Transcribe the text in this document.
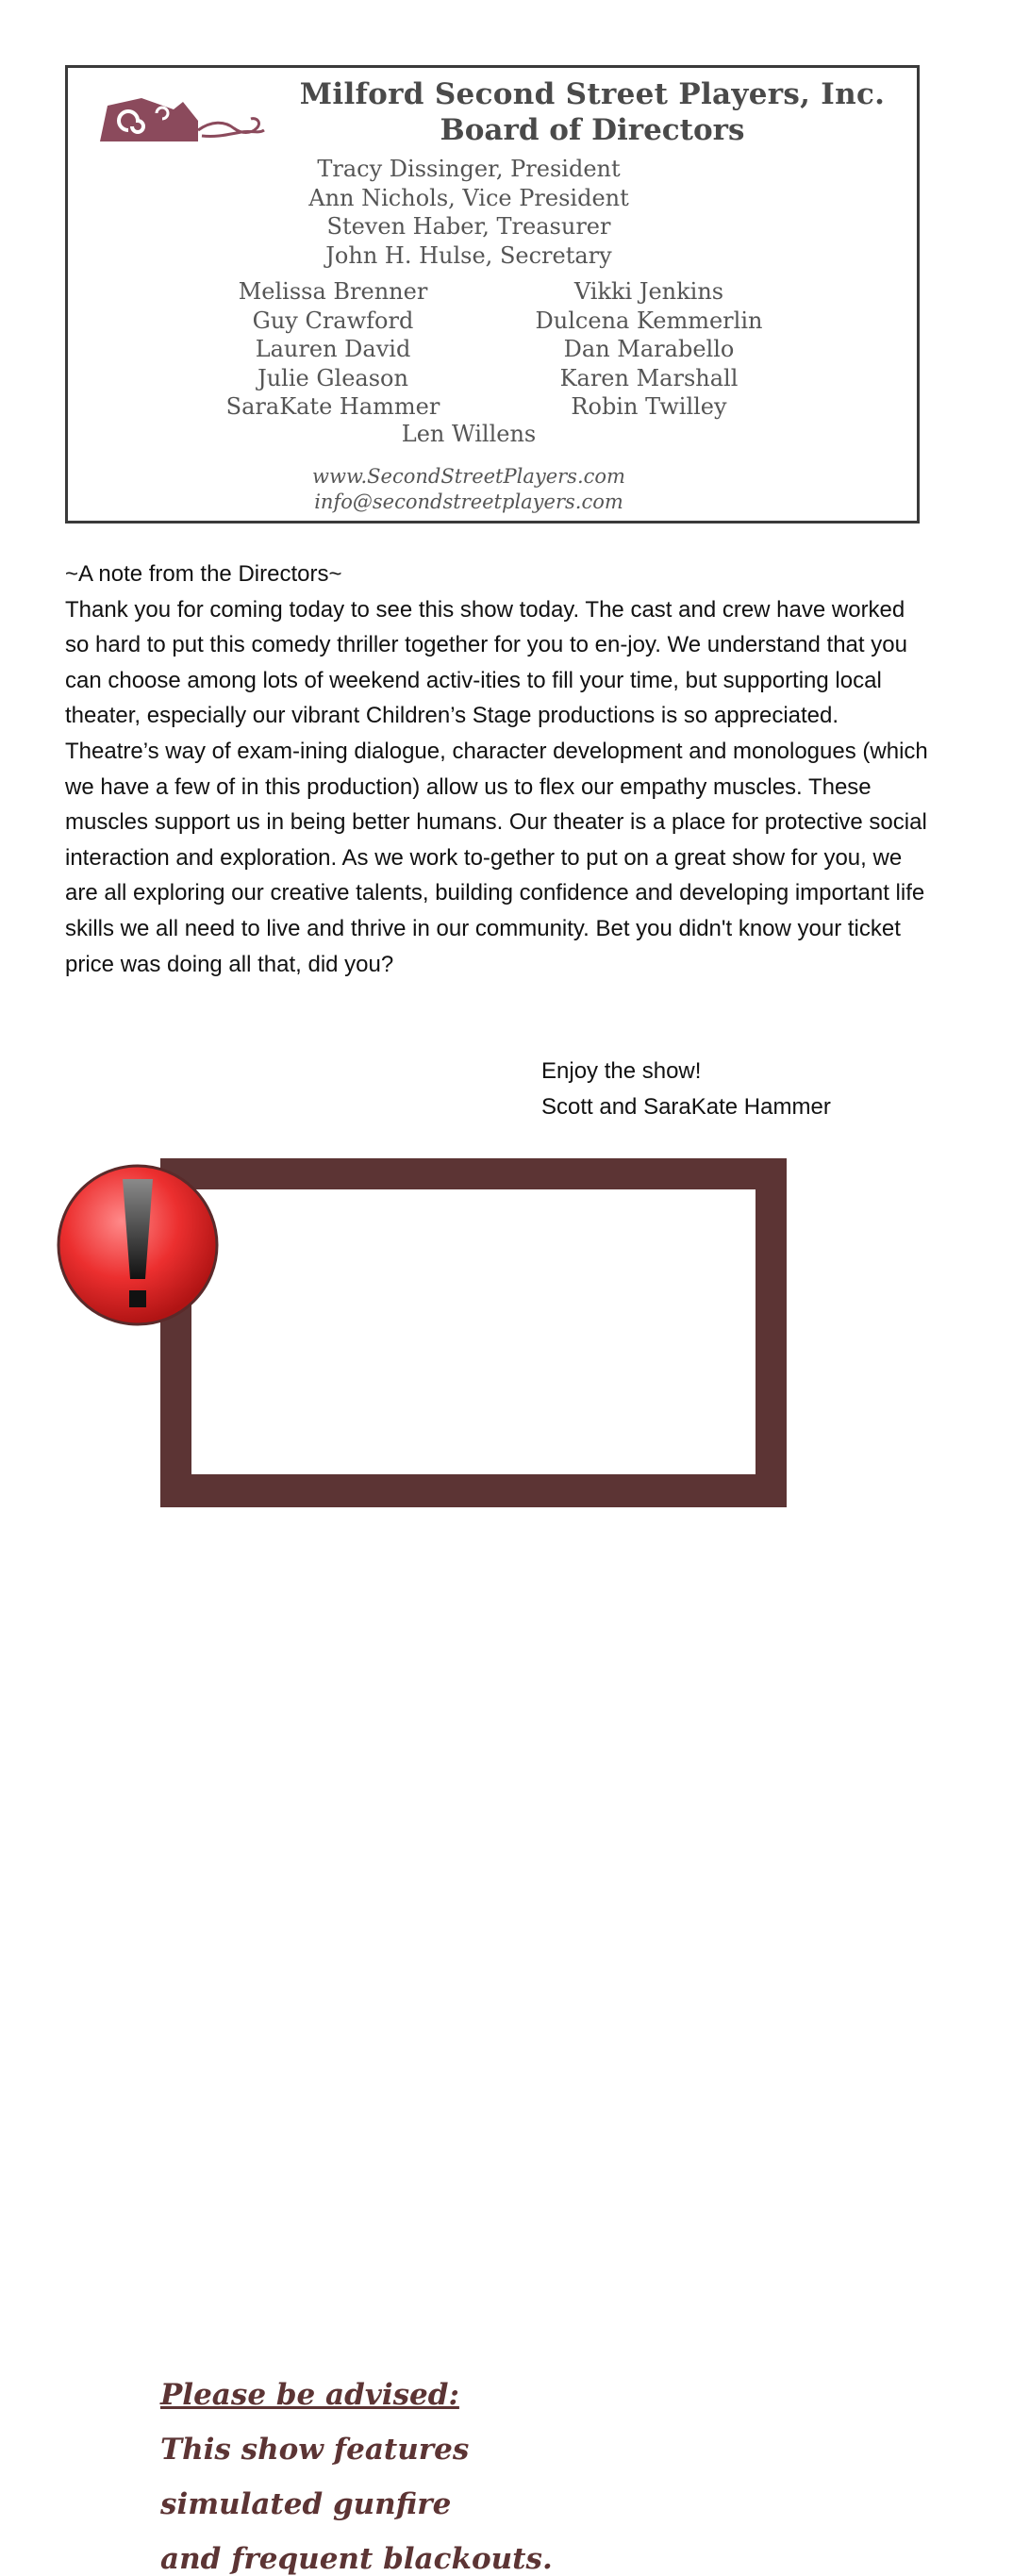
Milford Second Street Players, Inc.
Board of Directors
Tracy Dissinger, President
Ann Nichols, Vice President
Steven Haber, Treasurer
John H. Hulse, Secretary
Melissa Brenner
Guy Crawford
Lauren David
Julie Gleason
SaraKate Hammer
Vikki Jenkins
Dulcena Kemmerlin
Dan Marabello
Karen Marshall
Robin Twilley
Len Willens
www.SecondStreetPlayers.com
info@secondstreetplayers.com

~A note from the Directors~

Thank you for coming today to see this show today. The cast and crew have worked so hard to put this comedy thriller together for you to en-joy. We understand that you can choose among lots of weekend activ-ities to fill your time, but supporting local theater, especially our vibrant Children’s Stage productions is so appreciated. Theatre’s way of exam-ining dialogue, character development and monologues (which we have a few of in this production) allow us to flex our empathy muscles. These muscles support us in being better humans. Our theater is a place for protective social interaction and exploration. As we work to-gether to put on a great show for you, we are all exploring our creative talents, building confidence and developing important life skills we all need to live and thrive in our community. Bet you didn't know your ticket price was doing all that, did you?

Enjoy the show!
Scott and SaraKate Hammer

Please be advised:

This show features

simulated gunfire

and frequent blackouts.
